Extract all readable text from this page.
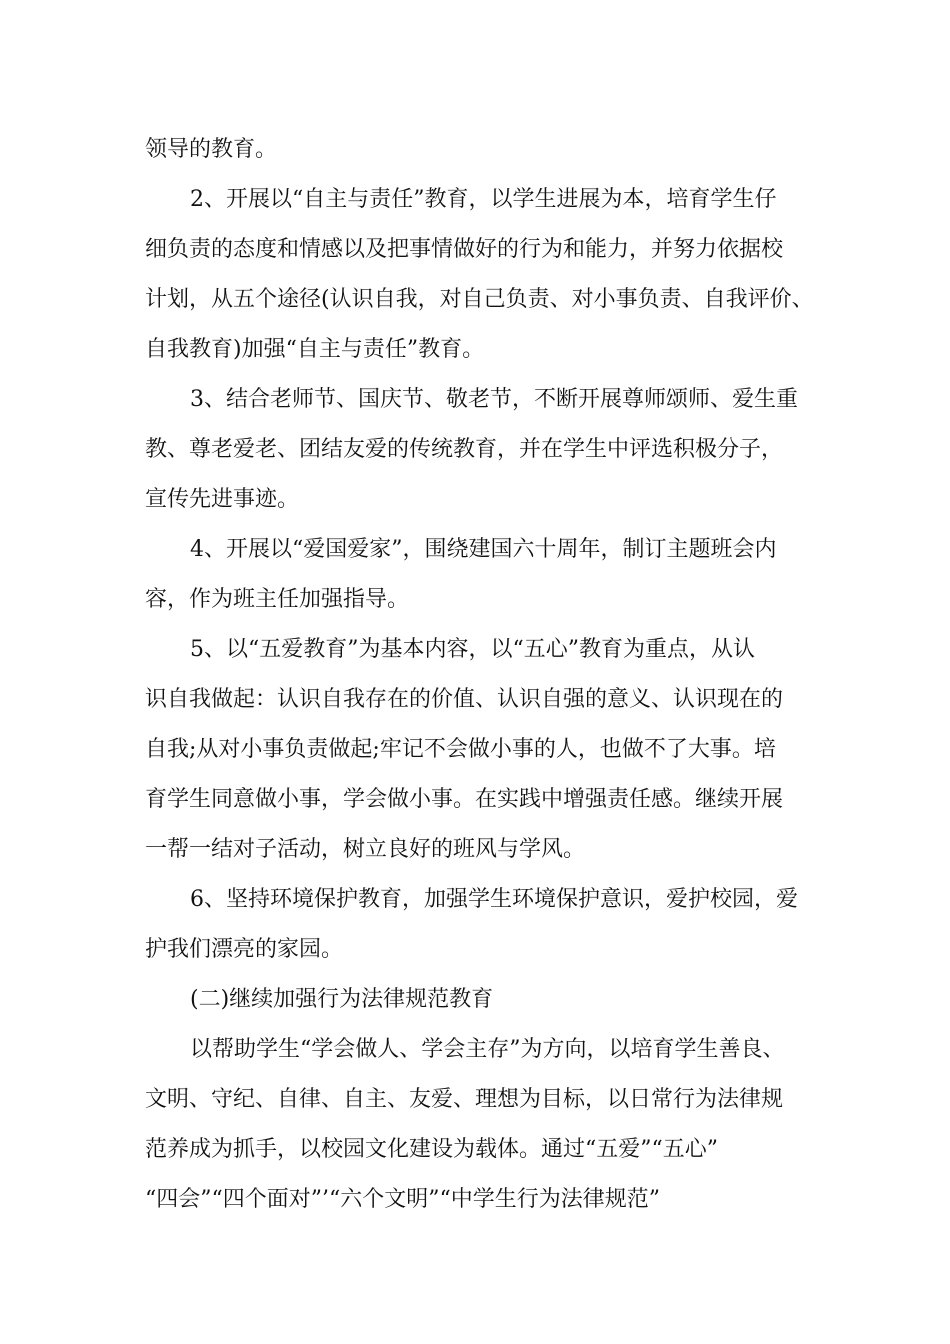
领导的教育。
2、开展以“自主与责任”教育，以学生进展为本，培育学生仔
细负责的态度和情感以及把事情做好的行为和能力，并努力依据校
计划，从五个途径(认识自我，对自己负责、对小事负责、自我评价、
自我教育)加强“自主与责任”教育。
3、结合老师节、国庆节、敬老节，不断开展尊师颂师、爱生重
教、尊老爱老、团结友爱的传统教育，并在学生中评选积极分子，
宣传先进事迹。
4、开展以“爱国爱家”，围绕建国六十周年，制订主题班会内
容，作为班主任加强指导。
5、以“五爱教育”为基本内容，以“五心”教育为重点，从认
识自我做起：认识自我存在的价值、认识自强的意义、认识现在的
自我;从对小事负责做起;牢记不会做小事的人，也做不了大事。培
育学生同意做小事，学会做小事。在实践中增强责任感。继续开展
一帮一结对子活动，树立良好的班风与学风。
6、坚持环境保护教育，加强学生环境保护意识，爱护校园，爱
护我们漂亮的家园。
(二)继续加强行为法律规范教育
以帮助学生“学会做人、学会主存”为方向，以培育学生善良、
文明、守纪、自律、自主、友爱、理想为目标，以日常行为法律规
范养成为抓手，以校园文化建设为载体。通过“五爱”“五心”
“四会”“四个面对”’“六个文明”“中学生行为法律规范”
